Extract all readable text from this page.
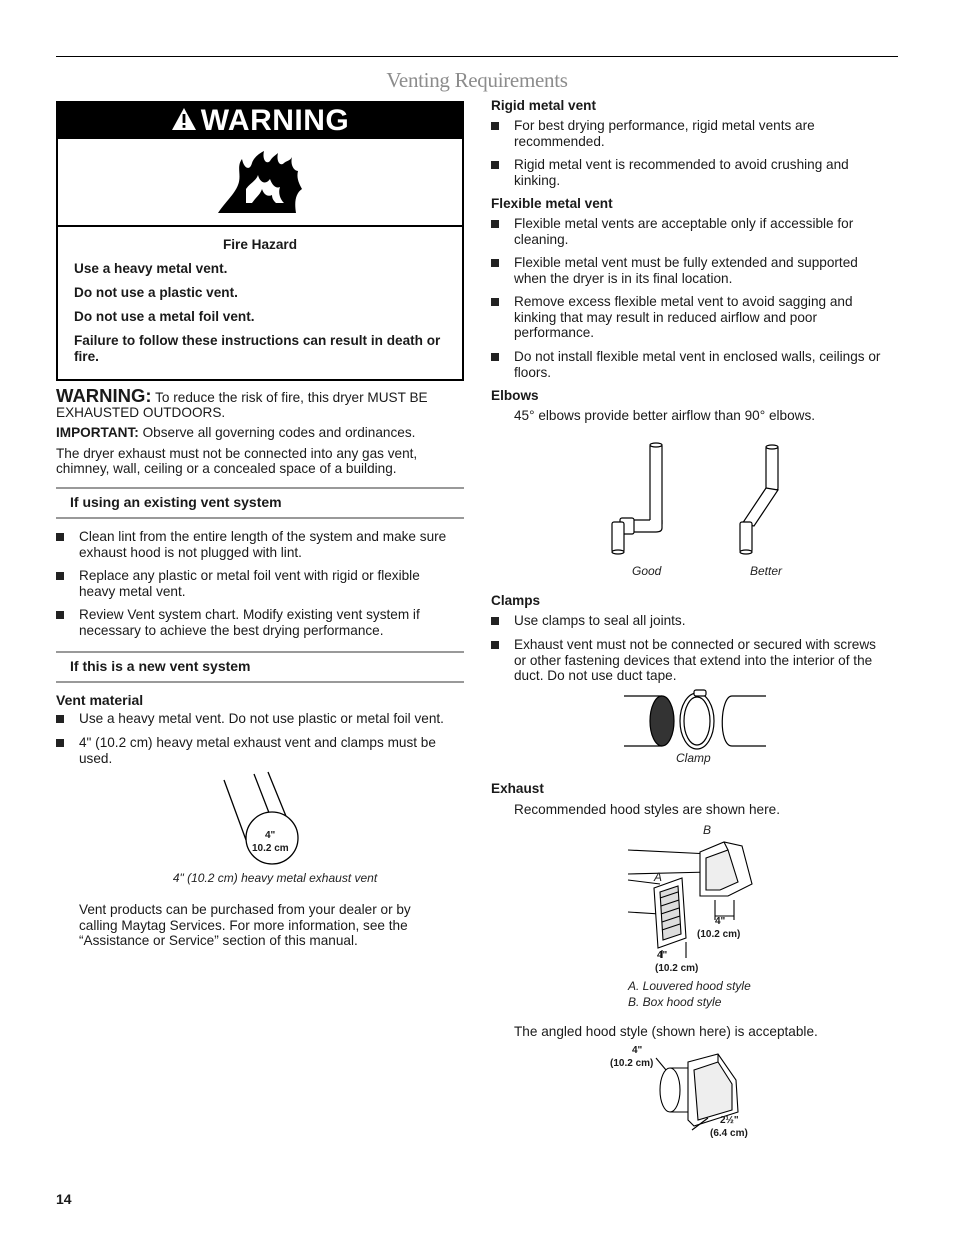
Venting Requirements
WARNING

Fire Hazard

Use a heavy metal vent.

Do not use a plastic vent.

Do not use a metal foil vent.

Failure to follow these instructions can result in death or fire.

WARNING: To reduce the risk of fire, this dryer MUST BE
EXHAUSTED OUTDOORS.
IMPORTANT: Observe all governing codes and ordinances.
The dryer exhaust must not be connected into any gas vent,
chimney, wall, ceiling or a concealed space of a building.
If using an existing vent system
Clean lint from the entire length of the system and make sure
exhaust hood is not plugged with lint.
Replace any plastic or metal foil vent with rigid or flexible
heavy metal vent.
Review Vent system chart. Modify existing vent system if
necessary to achieve the best drying performance.
If this is a new vent system
Vent material
Use a heavy metal vent. Do not use plastic or metal foil vent.
4" (10.2 cm) heavy metal exhaust vent and clamps must be
used.
4"
10.2 cm
4" (10.2 cm) heavy metal exhaust vent
Vent products can be purchased from your dealer or by
calling Maytag Services. For more information, see the
“Assistance or Service” section of this manual.
Rigid metal vent
For best drying performance, rigid metal vents are
recommended.
Rigid metal vent is recommended to avoid crushing and
kinking.
Flexible metal vent
Flexible metal vents are acceptable only if accessible for
cleaning.
Flexible metal vent must be fully extended and supported
when the dryer is in its final location.
Remove excess flexible metal vent to avoid sagging and
kinking that may result in reduced airflow and poor
performance.
Do not install flexible metal vent in enclosed walls, ceilings or
floors.
Elbows
45° elbows provide better airflow than 90° elbows.
Good	Better
Clamps
Use clamps to seal all joints.
Exhaust vent must not be connected or secured with screws
or other fastening devices that extend into the interior of the
duct. Do not use duct tape.
Clamp
Exhaust
Recommended hood styles are shown here.
B
A
4"
(10.2 cm)
4"
(10.2 cm)
A. Louvered hood style
B. Box hood style
The angled hood style (shown here) is acceptable.
4"
(10.2 cm)
2½"
(6.4 cm)
14
